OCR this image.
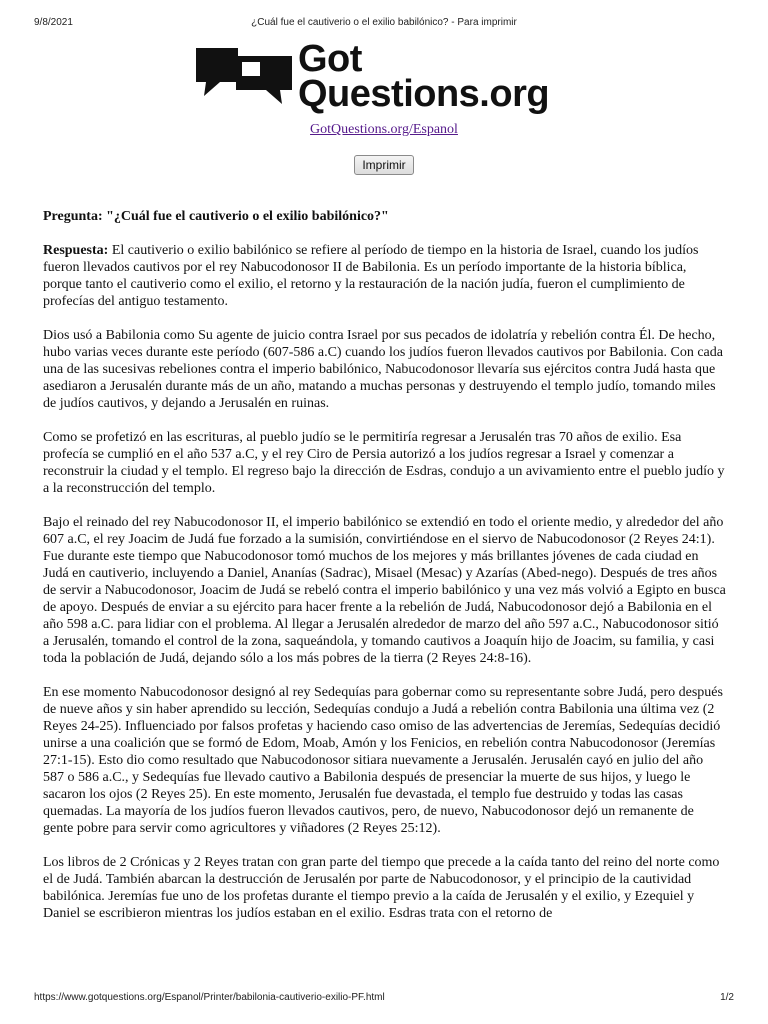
9/8/2021	¿Cuál fue el cautiverio o el exilio babilónico? - Para imprimir
Got
Questions.org
GotQuestions.org/Espanol
Imprimir

Pregunta: "¿Cuál fue el cautiverio o el exilio babilónico?"

Respuesta: El cautiverio o exilio babilónico se refiere al período de tiempo en la historia de Israel, cuando los judíos fueron llevados cautivos por el rey Nabucodonosor II de Babilonia. Es un período importante de la historia bíblica, porque tanto el cautiverio como el exilio, el retorno y la restauración de la nación judía, fueron el cumplimiento de profecías del antiguo testamento.

Dios usó a Babilonia como Su agente de juicio contra Israel por sus pecados de idolatría y rebelión contra Él. De hecho, hubo varias veces durante este período (607-586 a.C) cuando los judíos fueron llevados cautivos por Babilonia. Con cada una de las sucesivas rebeliones contra el imperio babilónico, Nabucodonosor llevaría sus ejércitos contra Judá hasta que asediaron a Jerusalén durante más de un año, matando a muchas personas y destruyendo el templo judío, tomando miles de judíos cautivos, y dejando a Jerusalén en ruinas.

Como se profetizó en las escrituras, al pueblo judío se le permitiría regresar a Jerusalén tras 70 años de exilio. Esa profecía se cumplió en el año 537 a.C, y el rey Ciro de Persia autorizó a los judíos regresar a Israel y comenzar a reconstruir la ciudad y el templo. El regreso bajo la dirección de Esdras, condujo a un avivamiento entre el pueblo judío y a la reconstrucción del templo.

Bajo el reinado del rey Nabucodonosor II, el imperio babilónico se extendió en todo el oriente medio, y alrededor del año 607 a.C, el rey Joacim de Judá fue forzado a la sumisión, convirtiéndose en el siervo de Nabucodonosor (2 Reyes 24:1). Fue durante este tiempo que Nabucodonosor tomó muchos de los mejores y más brillantes jóvenes de cada ciudad en Judá en cautiverio, incluyendo a Daniel, Ananías (Sadrac), Misael (Mesac) y Azarías (Abed-nego). Después de tres años de servir a Nabucodonosor, Joacim de Judá se rebeló contra el imperio babilónico y una vez más volvió a Egipto en busca de apoyo. Después de enviar a su ejército para hacer frente a la rebelión de Judá, Nabucodonosor dejó a Babilonia en el año 598 a.C. para lidiar con el problema. Al llegar a Jerusalén alrededor de marzo del año 597 a.C., Nabucodonosor sitió a Jerusalén, tomando el control de la zona, saqueándola, y tomando cautivos a Joaquín hijo de Joacim, su familia, y casi toda la población de Judá, dejando sólo a los más pobres de la tierra (2 Reyes 24:8-16).

En ese momento Nabucodonosor designó al rey Sedequías para gobernar como su representante sobre Judá, pero después de nueve años y sin haber aprendido su lección, Sedequías condujo a Judá a rebelión contra Babilonia una última vez (2 Reyes 24-25). Influenciado por falsos profetas y haciendo caso omiso de las advertencias de Jeremías, Sedequías decidió unirse a una coalición que se formó de Edom, Moab, Amón y los Fenicios, en rebelión contra Nabucodonosor (Jeremías 27:1-15). Esto dio como resultado que Nabucodonosor sitiara nuevamente a Jerusalén. Jerusalén cayó en julio del año 587 o 586 a.C., y Sedequías fue llevado cautivo a Babilonia después de presenciar la muerte de sus hijos, y luego le sacaron los ojos (2 Reyes 25). En este momento, Jerusalén fue devastada, el templo fue destruido y todas las casas quemadas. La mayoría de los judíos fueron llevados cautivos, pero, de nuevo, Nabucodonosor dejó un remanente de gente pobre para servir como agricultores y viñadores (2 Reyes 25:12).

Los libros de 2 Crónicas y 2 Reyes tratan con gran parte del tiempo que precede a la caída tanto del reino del norte como el de Judá. También abarcan la destrucción de Jerusalén por parte de Nabucodonosor, y el principio de la cautividad babilónica. Jeremías fue uno de los profetas durante el tiempo previo a la caída de Jerusalén y el exilio, y Ezequiel y Daniel se escribieron mientras los judíos estaban en el exilio. Esdras trata con el retorno de

https://www.gotquestions.org/Espanol/Printer/babilonia-cautiverio-exilio-PF.html	1/2
